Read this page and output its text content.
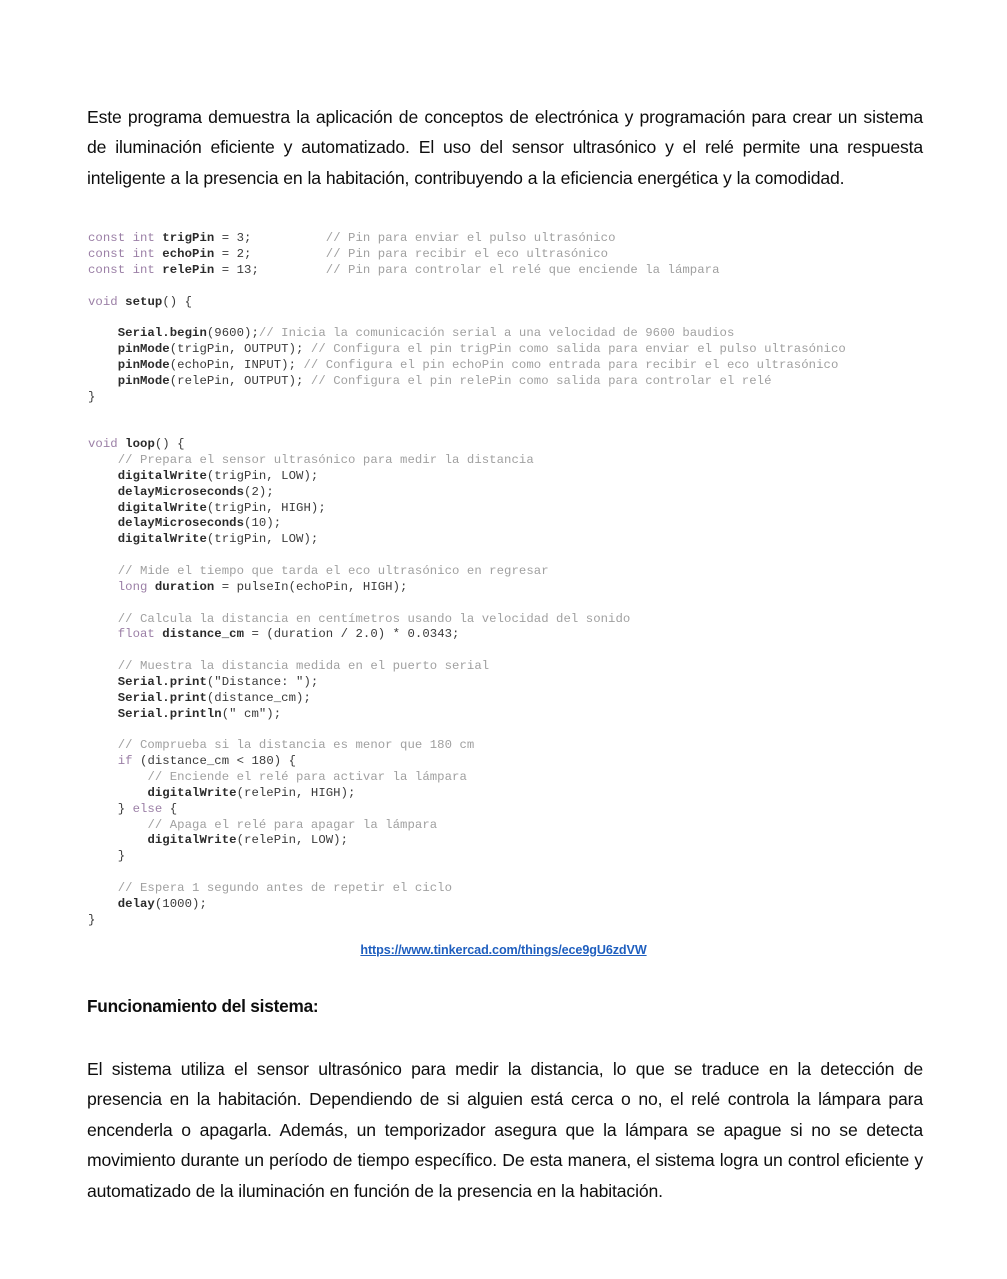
Este programa demuestra la aplicación de conceptos de electrónica y programación para crear un sistema de iluminación eficiente y automatizado. El uso del sensor ultrasónico y el relé permite una respuesta inteligente a la presencia en la habitación, contribuyendo a la eficiencia energética y la comodidad.

const int trigPin = 3;          // Pin para enviar el pulso ultrasónico
const int echoPin = 2;          // Pin para recibir el eco ultrasónico
const int relePin = 13;         // Pin para controlar el relé que enciende la lámpara

void setup() {

Serial.begin(9600);// Inicia la comunicación serial a una velocidad de 9600 baudios
pinMode(trigPin, OUTPUT); // Configura el pin trigPin como salida para enviar el pulso ultrasónico
pinMode(echoPin, INPUT); // Configura el pin echoPin como entrada para recibir el eco ultrasónico
pinMode(relePin, OUTPUT); // Configura el pin relePin como salida para controlar el relé
}

void loop() {
// Prepara el sensor ultrasónico para medir la distancia
digitalWrite(trigPin, LOW);
delayMicroseconds(2);
digitalWrite(trigPin, HIGH);
delayMicroseconds(10);
digitalWrite(trigPin, LOW);

// Mide el tiempo que tarda el eco ultrasónico en regresar
long duration = pulseIn(echoPin, HIGH);

// Calcula la distancia en centímetros usando la velocidad del sonido
float distance_cm = (duration / 2.0) * 0.0343;

// Muestra la distancia medida en el puerto serial
Serial.print("Distance: ");
Serial.print(distance_cm);
Serial.println(" cm");

// Comprueba si la distancia es menor que 180 cm
if (distance_cm < 180) {
// Enciende el relé para activar la lámpara
digitalWrite(relePin, HIGH);
} else {
// Apaga el relé para apagar la lámpara
digitalWrite(relePin, LOW);
}

// Espera 1 segundo antes de repetir el ciclo
delay(1000);
}
https://www.tinkercad.com/things/ece9gU6zdVW
Funcionamiento del sistema:

El sistema utiliza el sensor ultrasónico para medir la distancia, lo que se traduce en la detección de presencia en la habitación. Dependiendo de si alguien está cerca o no, el relé controla la lámpara para encenderla o apagarla. Además, un temporizador asegura que la lámpara se apague si no se detecta movimiento durante un período de tiempo específico. De esta manera, el sistema logra un control eficiente y automatizado de la iluminación en función de la presencia en la habitación.
